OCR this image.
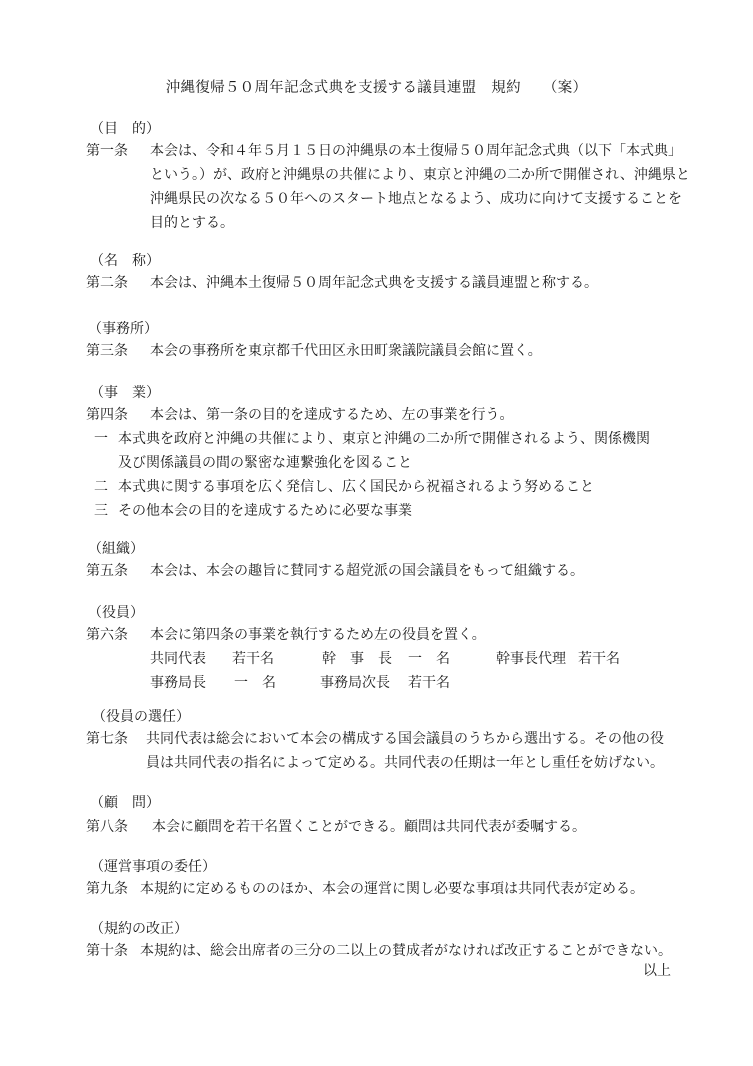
沖縄復帰５０周年記念式典を支援する議員連盟　規約 （案）
（目　的）
第一条 本会は、令和４年５月１５日の沖縄県の本土復帰５０周年記念式典（以下「本式典」
という。）が、政府と沖縄県の共催により、東京と沖縄の二か所で開催され、沖縄県と
沖縄県民の次なる５０年へのスタート地点となるよう、成功に向けて支援することを
目的とする。
（名　称）
第二条 本会は、沖縄本土復帰５０周年記念式典を支援する議員連盟と称する。
（事務所）
第三条 本会の事務所を東京都千代田区永田町衆議院議員会館に置く。
（事　業）
第四条 本会は、第一条の目的を達成するため、左の事業を行う。
一 本式典を政府と沖縄の共催により、東京と沖縄の二か所で開催されるよう、関係機関
及び関係議員の間の緊密な連繋強化を図ること
二 本式典に関する事項を広く発信し、広く国民から祝福されるよう努めること
三 その他本会の目的を達成するために必要な事業
（組織）
第五条 本会は、本会の趣旨に賛同する超党派の国会議員をもって組織する。
（役員）
第六条 本会に第四条の事業を執行するため左の役員を置く。
共同代表 若干名	幹　事　長 一　名	幹事長代理 若干名
事務局長 一　名	事務局次長 若干名
（役員の選任）
第七条 共同代表は総会において本会の構成する国会議員のうちから選出する。その他の役
員は共同代表の指名によって定める。共同代表の任期は一年とし重任を妨げない。
（顧　問）
第八条 本会に顧問を若干名置くことができる。顧問は共同代表が委嘱する。
（運営事項の委任）
第九条 本規約に定めるもののほか、本会の運営に関し必要な事項は共同代表が定める。
（規約の改正）
第十条 本規約は、総会出席者の三分の二以上の賛成者がなければ改正することができない。
以上
